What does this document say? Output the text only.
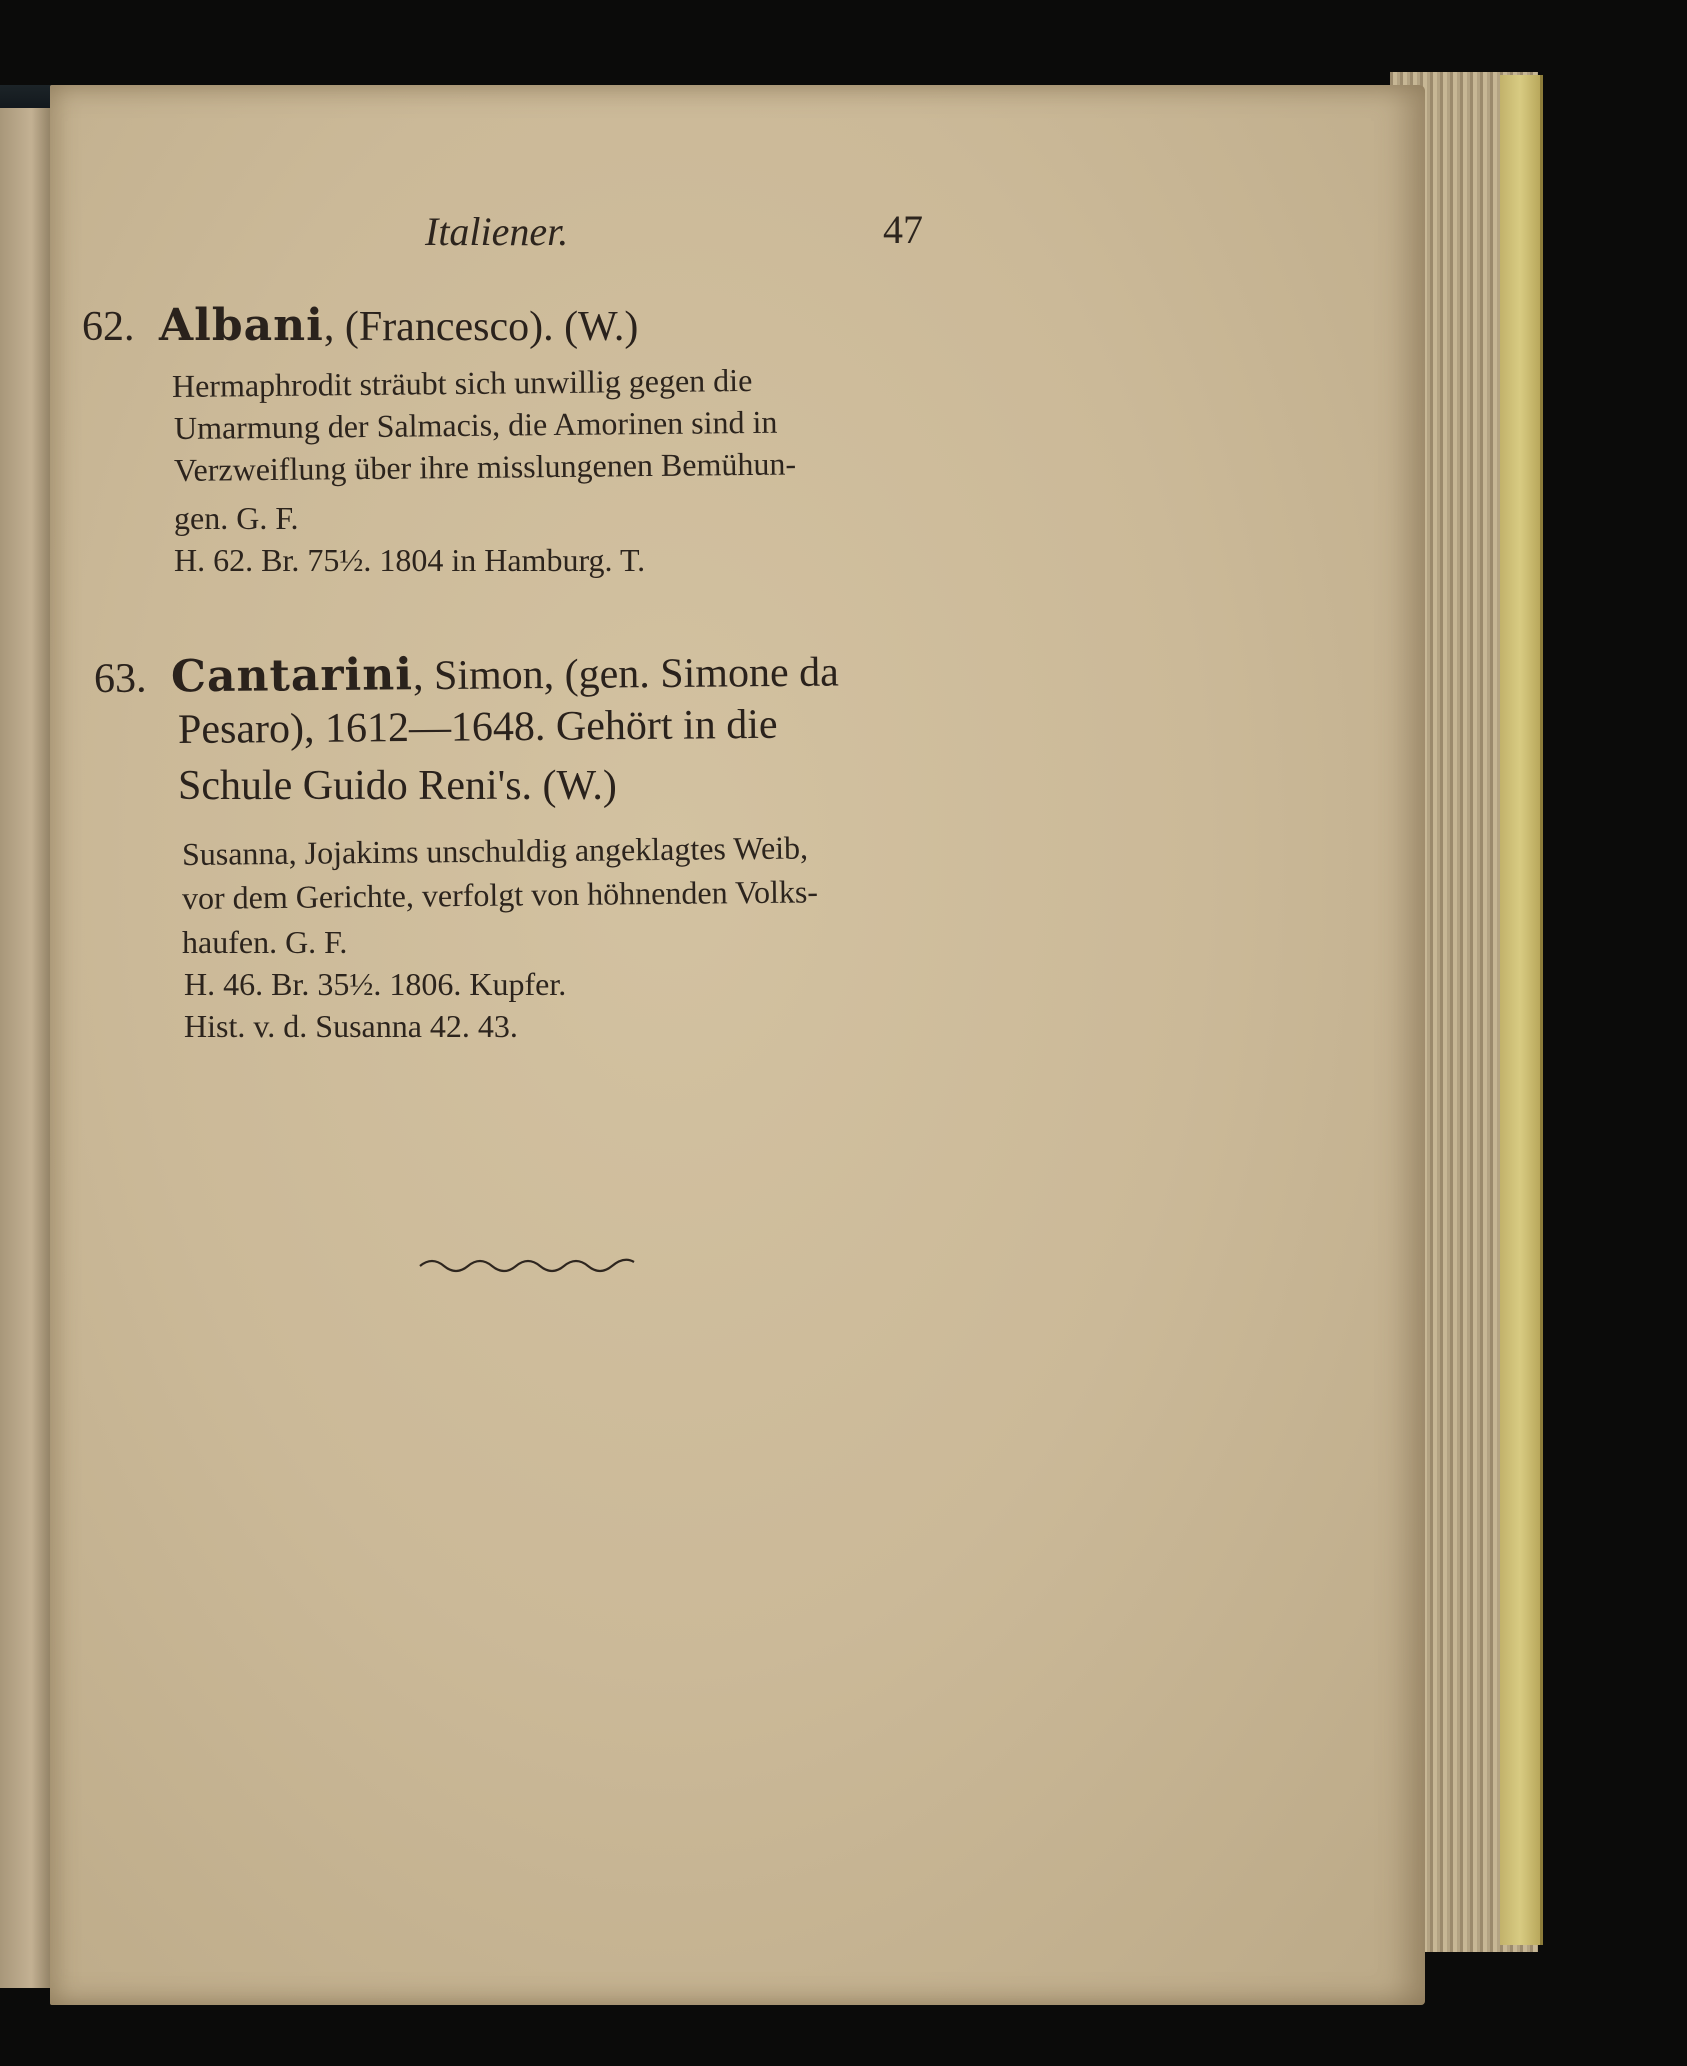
Italiener.	47
62. Albani, (Francesco). (W.)
Hermaphrodit sträubt sich unwillig gegen die
Umarmung der Salmacis, die Amorinen sind in
Verzweiflung über ihre misslungenen Bemühun-
gen. G. F.
H. 62. Br. 75½. 1804 in Hamburg. T.
63. Cantarini, Simon, (gen. Simone da
Pesaro), 1612—1648. Gehört in die
Schule Guido Reni's. (W.)
Susanna, Jojakims unschuldig angeklagtes Weib,
vor dem Gerichte, verfolgt von höhnenden Volks-
haufen. G. F.
H. 46. Br. 35½. 1806. Kupfer.
Hist. v. d. Susanna 42. 43.
